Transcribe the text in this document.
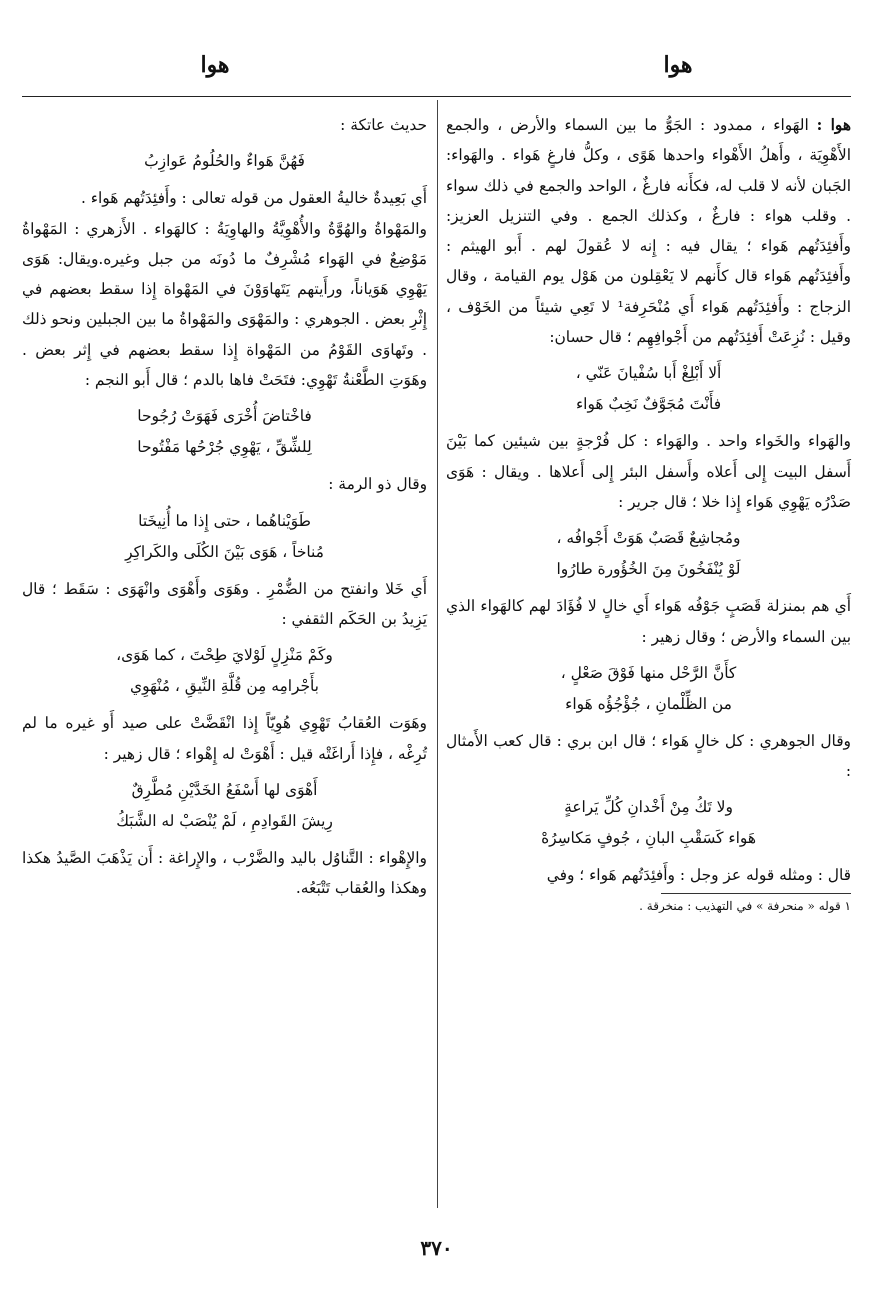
هوا
هوا

هوا : الهَواء ، ممدود : الجَوُّ ما بين السماء والأرض ، والجمع الأَهْوِيَة ، وأَهلُ الأَهْواء واحدها هَوًى ، وكلُّ فارغٍ هَواء . والهَواء: الجَبان لأنه لا قلب له، فكأَنه فارغٌ ، الواحد والجمع في ذلك سواء . وقلب هواء : فارغٌ ، وكذلك الجمع . وفي التنزيل العزيز: وأَفئِدَتُهم هَواء ؛ يقال فيه : إِنه لا عُقولَ لهم . أَبو الهيثم : وأَفئِدَتُهم هَواء قال كأَنهم لا يَعْقِلون من هَوْل يوم القيامة ، وقال الزجاج : وأَفئِدَتُهم هَواء أَي مُنْحَرِفة¹ لا تَعِي شيئاً من الخَوْف ، وقيل : نُزِعَتْ أَفئِدَتُهم من أَجْوافِهِم ؛ قال حسان:

أَلا أَبْلِغْ أَبا سُفْيانَ عَنّي ،
فأَنْتَ مُجَوَّفٌ نَخِبٌ هَواء

والهَواء والخَواء واحد . والهَواء : كل فُرْجةٍ بين شيئين كما بَيْنَ أَسفل البيت إِلى أَعلاه وأَسفل البئر إِلى أَعلاها . ويقال : هَوَى صَدْرُه يَهْوِي هَواء إِذا خلا ؛ قال جرير :

ومُجاشِعٌ قَصَبٌ هَوَتْ أَجْوافُه ،
لَوْ يُنْفَخُونَ مِنَ الخُؤُورة طارُوا

أَي هم بمنزلة قَصَبٍ جَوْفُه هَواء أَي خالٍ لا فُؤَادَ لهم كالهَواء الذي بين السماء والأرض ؛ وقال زهير :

كأَنَّ الرَّحْل منها فَوْقَ صَعْلٍ ،
من الظِّلْمانِ ، جُؤْجُؤُه هَواء

وقال الجوهري : كل خالٍ هَواء ؛ قال ابن بري : قال كعب الأَمثال :

ولا تَكُ مِنْ أَخْدانِ كُلِّ يَراعةٍ
هَواء كَسَقْبِ البانِ ، جُوفٍ مَكاسِرُهْ

قال : ومثله قوله عز وجل : وأَفئِدَتُهم هَواء ؛ وفي

١ قوله « منحرفة » في التهذيب : منخرقة .

حديث عاتكة :

فَهُنَّ هَواءٌ والحُلُومُ عَوازِبُ

أَي بَعِيدةٌ خاليةُ العقول من قوله تعالى : وأَفئِدَتُهم هَواء .

والمَهْواةُ والهُوَّةُ والأُهْوِيَّةُ والهاوِيَةُ : كالهَواء . الأَزهري : المَهْواةُ مَوْضِعٌ في الهَواء مُشْرِفٌ ما دُونَه من جبل وغيره.ويقال: هَوَى يَهْوِي هَوَياناً، ورأَيتهم يَتَهاوَوْنَ في المَهْواة إِذا سقط بعضهم في إِثْرِ بعض . الجوهري : والمَهْوَى والمَهْواةُ ما بين الجبلين ونحو ذلك . وتَهاوَى القَوْمُ من المَهْواة إِذا سقط بعضهم في إِثر بعض . وهَوَتِ الطَّعْنةُ تَهْوِي: فتَحَتْ فاها بالدم ؛ قال أَبو النجم :

فاخْتاضَ أُخْرَى فَهَوَتْ رُجُوحا
لِلشِّقِّ ، يَهْوِي جُرْحُها مَفْتُوحا

وقال ذو الرمة :

طَوَيْناهُما ، حتى إِذا ما أُنِيخَتا
مُناخاً ، هَوَى بَيْنَ الكُلَى والكَراكِرِ

أَي خَلا وانفتح من الضُّمْرِ . وهَوَى وأَهْوَى وانْهَوَى : سَقَط ؛ قال يَزِيدُ بن الحَكَم الثقفي :

وكَمْ مَنْزِلٍ لَوْلايَ طِحْتَ ، كما هَوَى،
بأَجْرامِه مِن قُلَّةِ النِّيقِ ، مُنْهَوِي

وهَوَت العُقابُ تَهْوِي هُوِيّاً إِذا انْقَضَّتْ على صيد أَو غيره ما لم تُرِغْه ، فإِذا أَراغَتْه قيل : أَهْوَتْ له إِهْواء ؛ قال زهير :

أَهْوَى لها أَسْفَعُ الخَدَّيْنِ مُطَّرِقٌ
رِيشَ القَوادِمِ ، لَمْ يُنْصَبْ له الشَّبَكُ

والإِهْواء : التَّناوُل باليد والضَّرْب ، والإِراغة : أَن يَذْهَبَ الصَّيدُ هكذا وهكذا والعُقاب تَتْبَعُه.

٣٧٠
